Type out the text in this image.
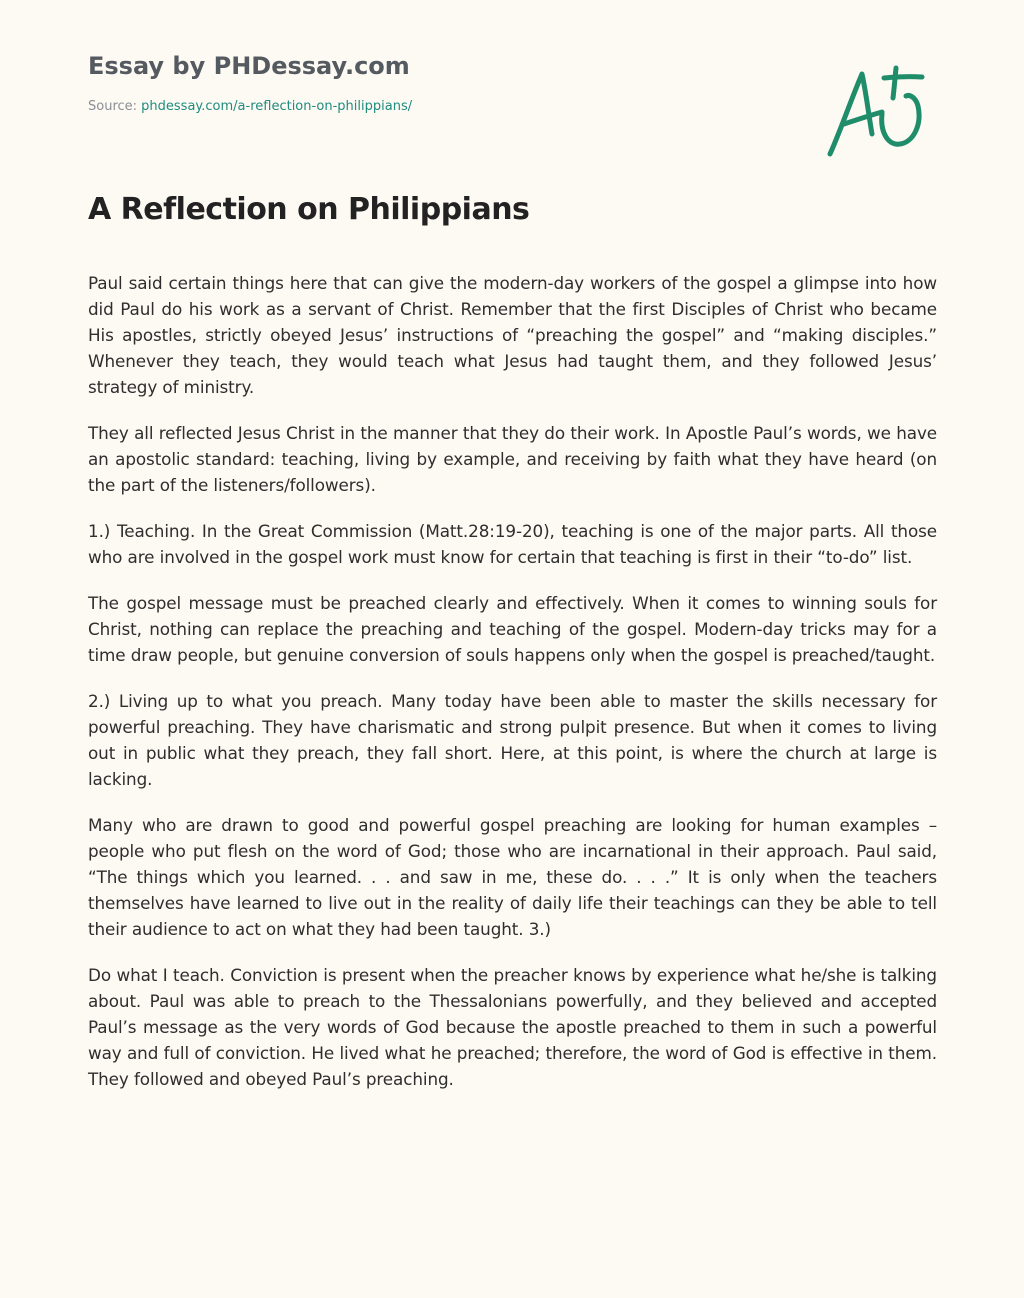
Essay by PHDessay.com
Source: phdessay.com/a-reflection-on-philippians/
A Reflection on Philippians

Paul said certain things here that can give the modern-day workers of the gospel a glimpse into how did Paul do his work as a servant of Christ. Remember that the first Disciples of Christ who became His apostles, strictly obeyed Jesus’ instructions of “preaching the gospel” and “making disciples.” Whenever they teach, they would teach what Jesus had taught them, and they followed Jesus’ strategy of ministry.

They all reflected Jesus Christ in the manner that they do their work. In Apostle Paul’s words, we have an apostolic standard: teaching, living by example, and receiving by faith what they have heard (on the part of the listeners/followers).

1.) Teaching. In the Great Commission (Matt.28:19-20), teaching is one of the major parts. All those who are involved in the gospel work must know for certain that teaching is first in their “to-do” list.

The gospel message must be preached clearly and effectively. When it comes to winning souls for Christ, nothing can replace the preaching and teaching of the gospel. Modern-day tricks may for a time draw people, but genuine conversion of souls happens only when the gospel is preached/taught.

2.) Living up to what you preach. Many today have been able to master the skills necessary for powerful preaching. They have charismatic and strong pulpit presence. But when it comes to living out in public what they preach, they fall short. Here, at this point, is where the church at large is lacking.

Many who are drawn to good and powerful gospel preaching are looking for human examples – people who put flesh on the word of God; those who are incarnational in their approach. Paul said, “The things which you learned. . . and saw in me, these do. . . .” It is only when the teachers themselves have learned to live out in the reality of daily life their teachings can they be able to tell their audience to act on what they had been taught. 3.)

Do what I teach. Conviction is present when the preacher knows by experience what he/she is talking about. Paul was able to preach to the Thessalonians powerfully, and they believed and accepted Paul’s message as the very words of God because the apostle preached to them in such a powerful way and full of conviction. He lived what he preached; therefore, the word of God is effective in them. They followed and obeyed Paul’s preaching.
